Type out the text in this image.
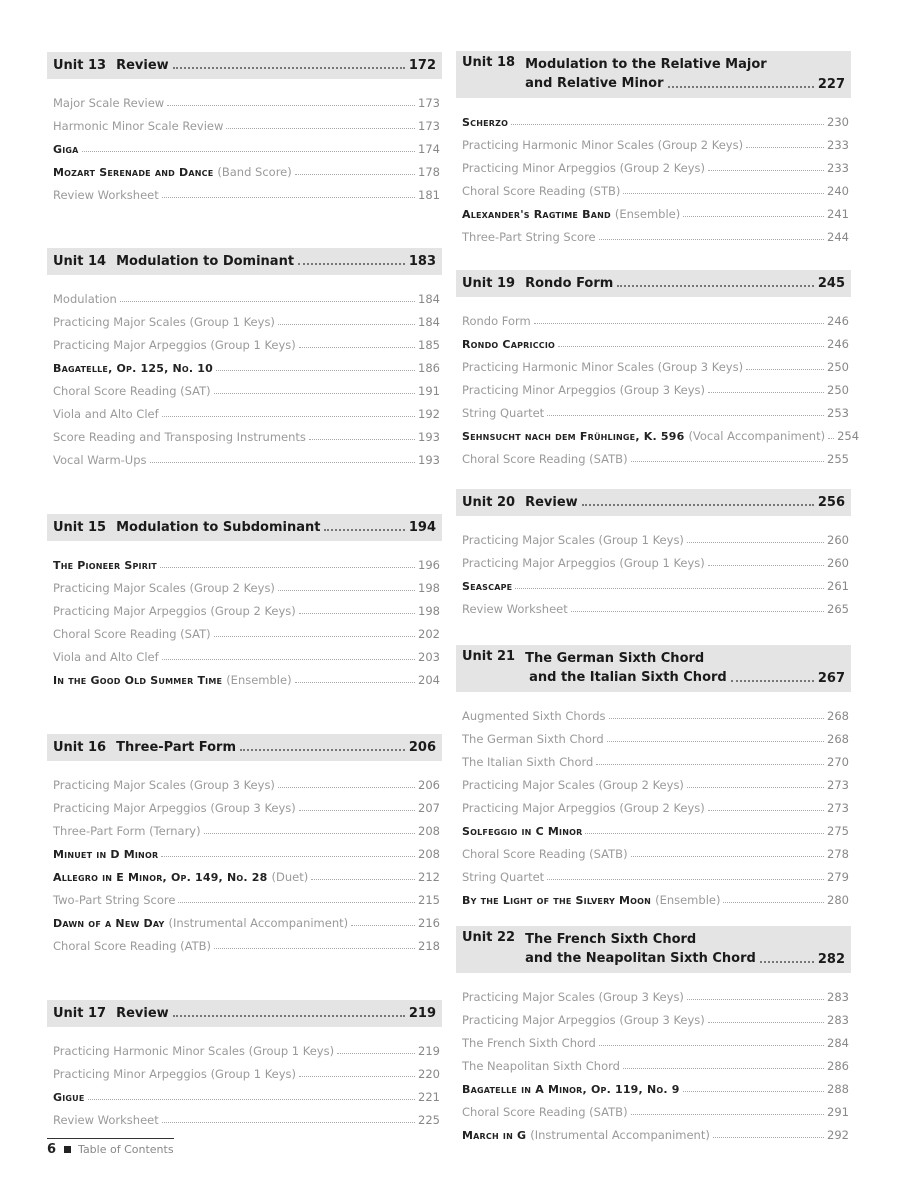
Unit 13 Review	172
Major Scale Review	173
Harmonic Minor Scale Review	173
Giga	174
Mozart Serenade and Dance (Band Score)	178
Review Worksheet	181
Unit 14 Modulation to Dominant	183
Modulation	184
Practicing Major Scales (Group 1 Keys)	184
Practicing Major Arpeggios (Group 1 Keys)	185
Bagatelle, Op. 125, No. 10	186
Choral Score Reading (SAT)	191
Viola and Alto Clef	192
Score Reading and Transposing Instruments	193
Vocal Warm-Ups	193
Unit 15 Modulation to Subdominant	194
The Pioneer Spirit	196
Practicing Major Scales (Group 2 Keys)	198
Practicing Major Arpeggios (Group 2 Keys)	198
Choral Score Reading (SAT)	202
Viola and Alto Clef	203
In the Good Old Summer Time (Ensemble)	204
Unit 16 Three-Part Form	206
Practicing Major Scales (Group 3 Keys)	206
Practicing Major Arpeggios (Group 3 Keys)	207
Three-Part Form (Ternary)	208
Minuet in D Minor	208
Allegro in E Minor, Op. 149, No. 28 (Duet)	212
Two-Part String Score	215
Dawn of a New Day (Instrumental Accompaniment)	216
Choral Score Reading (ATB)	218
Unit 17 Review	219
Practicing Harmonic Minor Scales (Group 1 Keys)	219
Practicing Minor Arpeggios (Group 1 Keys)	220
Gigue	221
Review Worksheet	225
Unit 18 Modulation to the Relative Major
and Relative Minor	227
Scherzo	230
Practicing Harmonic Minor Scales (Group 2 Keys)	233
Practicing Minor Arpeggios (Group 2 Keys)	233
Choral Score Reading (STB)	240
Alexander's Ragtime Band (Ensemble)	241
Three-Part String Score	244
Unit 19 Rondo Form	245
Rondo Form	246
Rondo Capriccio	246
Practicing Harmonic Minor Scales (Group 3 Keys)	250
Practicing Minor Arpeggios (Group 3 Keys)	250
String Quartet	253
Sehnsucht nach dem Frühlinge, K. 596 (Vocal Accompaniment) 254
Choral Score Reading (SATB)	255
Unit 20 Review	256
Practicing Major Scales (Group 1 Keys)	260
Practicing Major Arpeggios (Group 1 Keys)	260
Seascape	261
Review Worksheet	265
Unit 21 The German Sixth Chord
and the Italian Sixth Chord	267
Augmented Sixth Chords	268
The German Sixth Chord	268
The Italian Sixth Chord	270
Practicing Major Scales (Group 2 Keys)	273
Practicing Major Arpeggios (Group 2 Keys)	273
Solfeggio in C Minor	275
Choral Score Reading (SATB)	278
String Quartet	279
By the Light of the Silvery Moon (Ensemble)	280
Unit 22 The French Sixth Chord
and the Neapolitan Sixth Chord	282
Practicing Major Scales (Group 3 Keys)	283
Practicing Major Arpeggios (Group 3 Keys)	283
The French Sixth Chord	284
The Neapolitan Sixth Chord	286
Bagatelle in A Minor, Op. 119, No. 9	288
Choral Score Reading (SATB)	291
March in G (Instrumental Accompaniment)	292
6 Table of Contents
